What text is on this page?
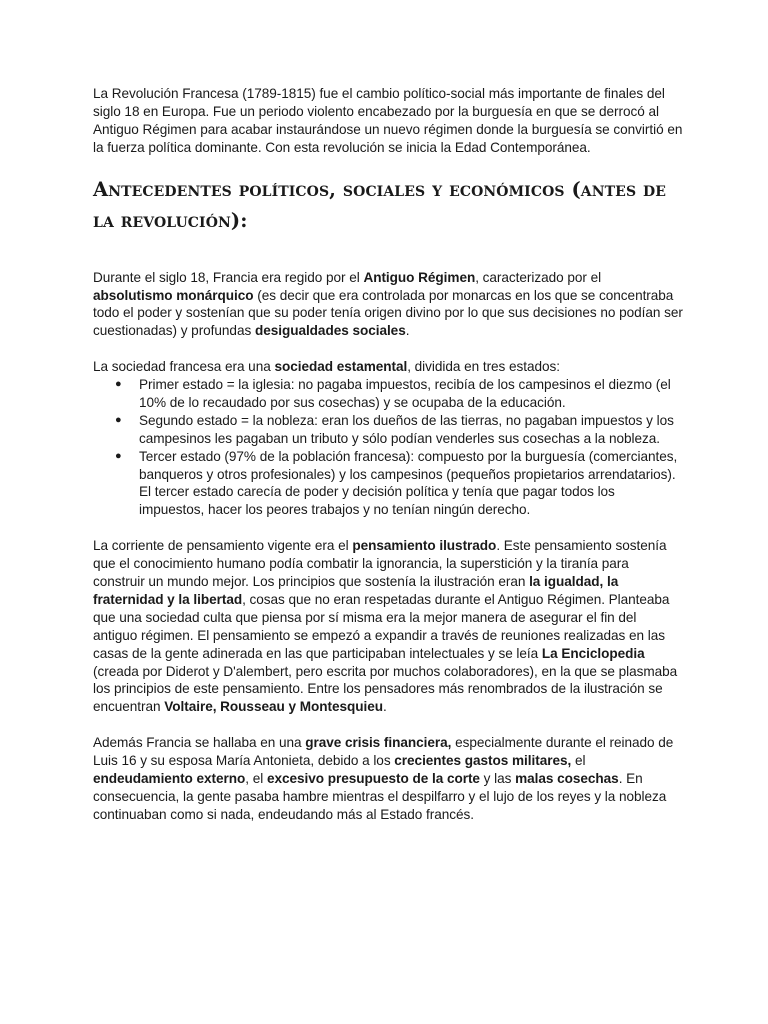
La Revolución Francesa (1789-1815) fue el cambio político-social más importante de finales del siglo 18 en Europa. Fue un periodo violento encabezado por la burguesía en que se derrocó al Antiguo Régimen para acabar instaurándose un nuevo régimen donde la burguesía se convirtió en la fuerza política dominante. Con esta revolución se inicia la Edad Contemporánea.

Antecedentes políticos, sociales y económicos (antes de la revolución):

Durante el siglo 18, Francia era regido por el Antiguo Régimen, caracterizado por el absolutismo monárquico (es decir que era controlada por monarcas en los que se concentraba todo el poder y sostenían que su poder tenía origen divino por lo que sus decisiones no podían ser cuestionadas) y profundas desigualdades sociales.

La sociedad francesa era una sociedad estamental, dividida en tres estados:

● Primer estado = la iglesia: no pagaba impuestos, recibía de los campesinos el diezmo (el 10% de lo recaudado por sus cosechas) y se ocupaba de la educación.
● Segundo estado = la nobleza: eran los dueños de las tierras, no pagaban impuestos y los campesinos les pagaban un tributo y sólo podían venderles sus cosechas a la nobleza.
● Tercer estado (97% de la población francesa): compuesto por la burguesía (comerciantes, banqueros y otros profesionales) y los campesinos (pequeños propietarios arrendatarios). El tercer estado carecía de poder y decisión política y tenía que pagar todos los impuestos, hacer los peores trabajos y no tenían ningún derecho.

La corriente de pensamiento vigente era el pensamiento ilustrado. Este pensamiento sostenía que el conocimiento humano podía combatir la ignorancia, la superstición y la tiranía para construir un mundo mejor. Los principios que sostenía la ilustración eran la igualdad, la fraternidad y la libertad, cosas que no eran respetadas durante el Antiguo Régimen. Planteaba que una sociedad culta que piensa por sí misma era la mejor manera de asegurar el fin del antiguo régimen. El pensamiento se empezó a expandir a través de reuniones realizadas en las casas de la gente adinerada en las que participaban intelectuales y se leía La Enciclopedia (creada por Diderot y D'alembert, pero escrita por muchos colaboradores), en la que se plasmaba los principios de este pensamiento. Entre los pensadores más renombrados de la ilustración se encuentran Voltaire, Rousseau y Montesquieu.

Además Francia se hallaba en una grave crisis financiera, especialmente durante el reinado de Luis 16 y su esposa María Antonieta, debido a los crecientes gastos militares, el endeudamiento externo, el excesivo presupuesto de la corte y las malas cosechas. En consecuencia, la gente pasaba hambre mientras el despilfarro y el lujo de los reyes y la nobleza continuaban como si nada, endeudando más al Estado francés.
